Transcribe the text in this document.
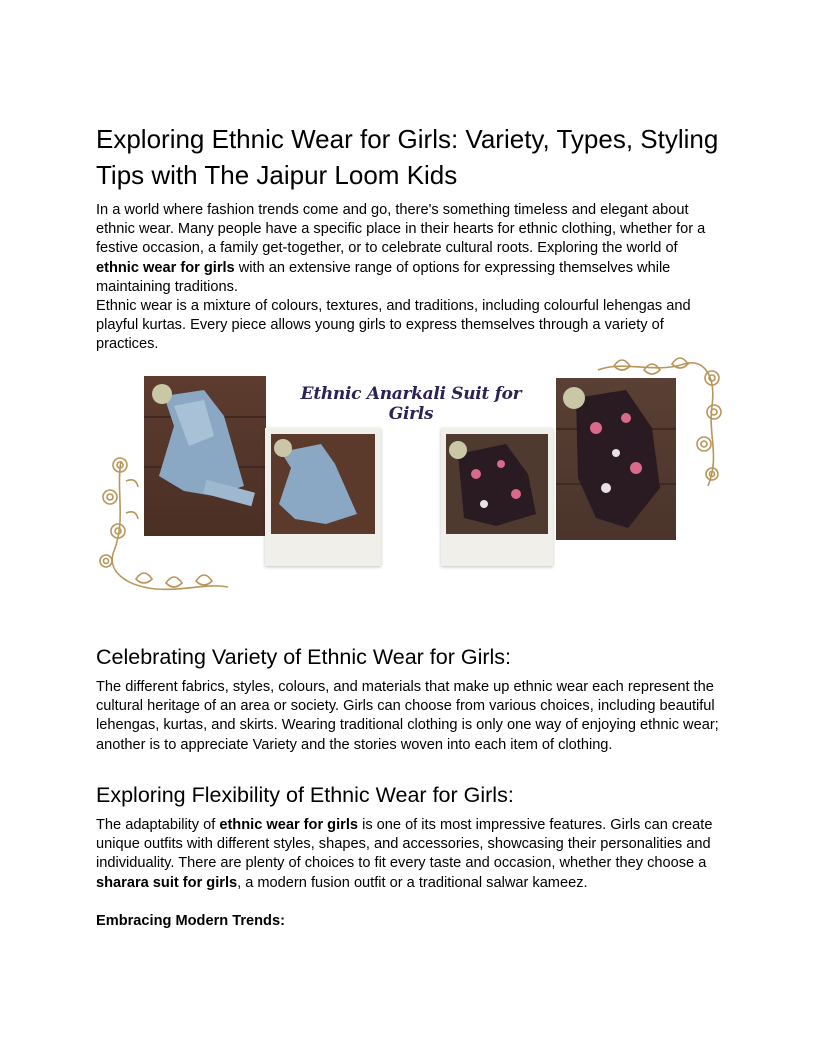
Exploring Ethnic Wear for Girls: Variety, Types, Styling Tips with The Jaipur Loom Kids

In a world where fashion trends come and go, there's something timeless and elegant about ethnic wear. Many people have a specific place in their hearts for ethnic clothing, whether for a festive occasion, a family get-together, or to celebrate cultural roots. Exploring the world of ethnic wear for girls with an extensive range of options for expressing themselves while maintaining traditions.

Ethnic wear is a mixture of colours, textures, and traditions, including colourful lehengas and playful kurtas. Every piece allows young girls to express themselves through a variety of practices.

Celebrating Variety of Ethnic Wear for Girls:

The different fabrics, styles, colours, and materials that make up ethnic wear each represent the cultural heritage of an area or society. Girls can choose from various choices, including beautiful lehengas, kurtas, and skirts. Wearing traditional clothing is only one way of enjoying ethnic wear; another is to appreciate Variety and the stories woven into each item of clothing.

Exploring Flexibility of Ethnic Wear for Girls:

The adaptability of ethnic wear for girls is one of its most impressive features. Girls can create unique outfits with different styles, shapes, and accessories, showcasing their personalities and individuality. There are plenty of choices to fit every taste and occasion, whether they choose a sharara suit for girls, a modern fusion outfit or a traditional salwar kameez.

Embracing Modern Trends:
Ethnic Anarkali Suit for Girls
